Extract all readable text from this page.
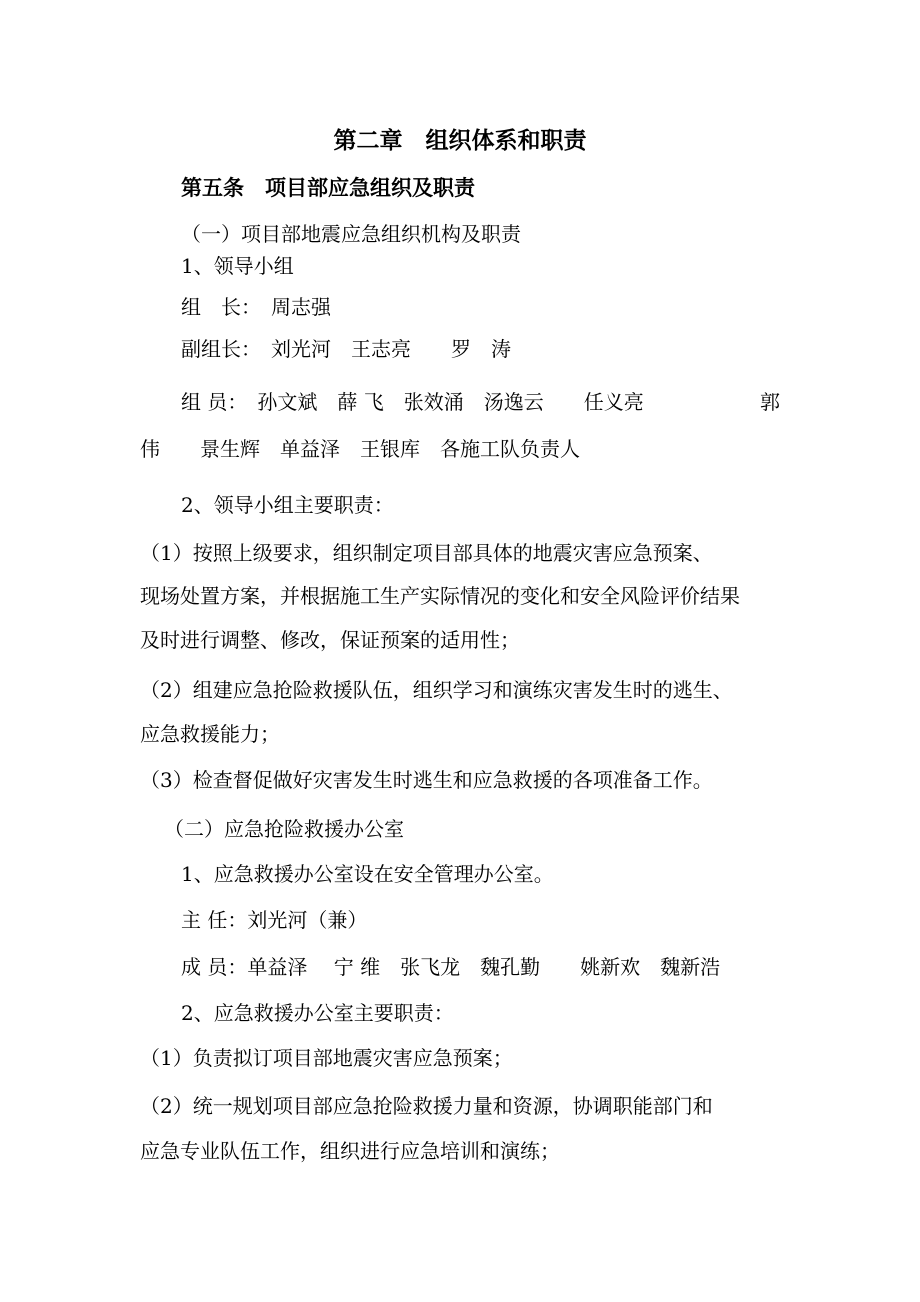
第二章　组织体系和职责
第五条　项目部应急组织及职责
（一）项目部地震应急组织机构及职责
1、领导小组
组　长：　周志强
副组长：　刘光河　王志亮　　罗　涛
组 员：　孙文斌　薛 飞　张效涌　汤逸云　　任义亮	郭
伟　　景生辉　单益泽　王银库　各施工队负责人
2、领导小组主要职责：
（1）按照上级要求，组织制定项目部具体的地震灾害应急预案、
现场处置方案，并根据施工生产实际情况的变化和安全风险评价结果
及时进行调整、修改，保证预案的适用性；
（2）组建应急抢险救援队伍，组织学习和演练灾害发生时的逃生、
应急救援能力；
（3）检查督促做好灾害发生时逃生和应急救援的各项准备工作。
（二）应急抢险救援办公室
1、应急救援办公室设在安全管理办公室。
主 任：刘光河（兼）
成 员：单益泽　 宁 维　张飞龙　魏孔勤　　姚新欢　魏新浩
2、应急救援办公室主要职责：
（1）负责拟订项目部地震灾害应急预案；
（2）统一规划项目部应急抢险救援力量和资源，协调职能部门和
应急专业队伍工作，组织进行应急培训和演练；
